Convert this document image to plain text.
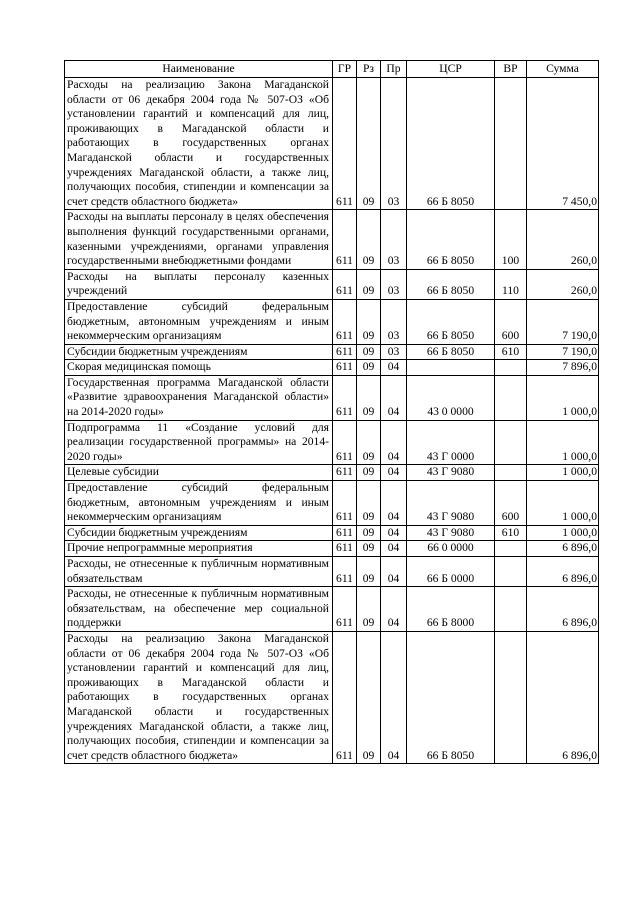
Наименование	ГР	Рз	Пр	ЦСР	ВР	Сумма
Расходы на реализацию Закона Магаданской области от 06 декабря 2004 года № 507-ОЗ «Об установлении гарантий и компенсаций для лиц, проживающих в Магаданской области и работающих в государственных органах Магаданской области и государственных учреждениях Магаданской области, а также лиц, получающих пособия, стипендии и компенсации за счет средств областного бюджета»	611	09	03	66 Б 8050		7 450,0
Расходы на выплаты персоналу в целях обеспечения выполнения функций государственными органами, казенными учреждениями, органами управления государственными внебюджетными фондами	611	09	03	66 Б 8050	100	260,0
Расходы на выплаты персоналу казенных учреждений	611	09	03	66 Б 8050	110	260,0
Предоставление субсидий федеральным бюджетным, автономным учреждениям и иным некоммерческим организациям	611	09	03	66 Б 8050	600	7 190,0
Субсидии бюджетным учреждениям	611	09	03	66 Б 8050	610	7 190,0
Скорая медицинская помощь	611	09	04			7 896,0
Государственная программа Магаданской области «Развитие здравоохранения Магаданской области» на 2014-2020 годы»	611	09	04	43 0 0000		1 000,0
Подпрограмма 11 «Создание условий для реализации государственной программы» на 2014-2020 годы»	611	09	04	43 Г 0000		1 000,0
Целевые субсидии	611	09	04	43 Г 9080		1 000,0
Предоставление субсидий федеральным бюджетным, автономным учреждениям и иным некоммерческим организациям	611	09	04	43 Г 9080	600	1 000,0
Субсидии бюджетным учреждениям	611	09	04	43 Г 9080	610	1 000,0
Прочие непрограммные мероприятия	611	09	04	66 0 0000		6 896,0
Расходы, не отнесенные к публичным нормативным обязательствам	611	09	04	66 Б 0000		6 896,0
Расходы, не отнесенные к публичным нормативным обязательствам, на обеспечение мер социальной поддержки	611	09	04	66 Б 8000		6 896,0
Расходы на реализацию Закона Магаданской области от 06 декабря 2004 года № 507-ОЗ «Об установлении гарантий и компенсаций для лиц, проживающих в Магаданской области и работающих в государственных органах Магаданской области и государственных учреждениях Магаданской области, а также лиц, получающих пособия, стипендии и компенсации за счет средств областного бюджета»	611	09	04	66 Б 8050		6 896,0
